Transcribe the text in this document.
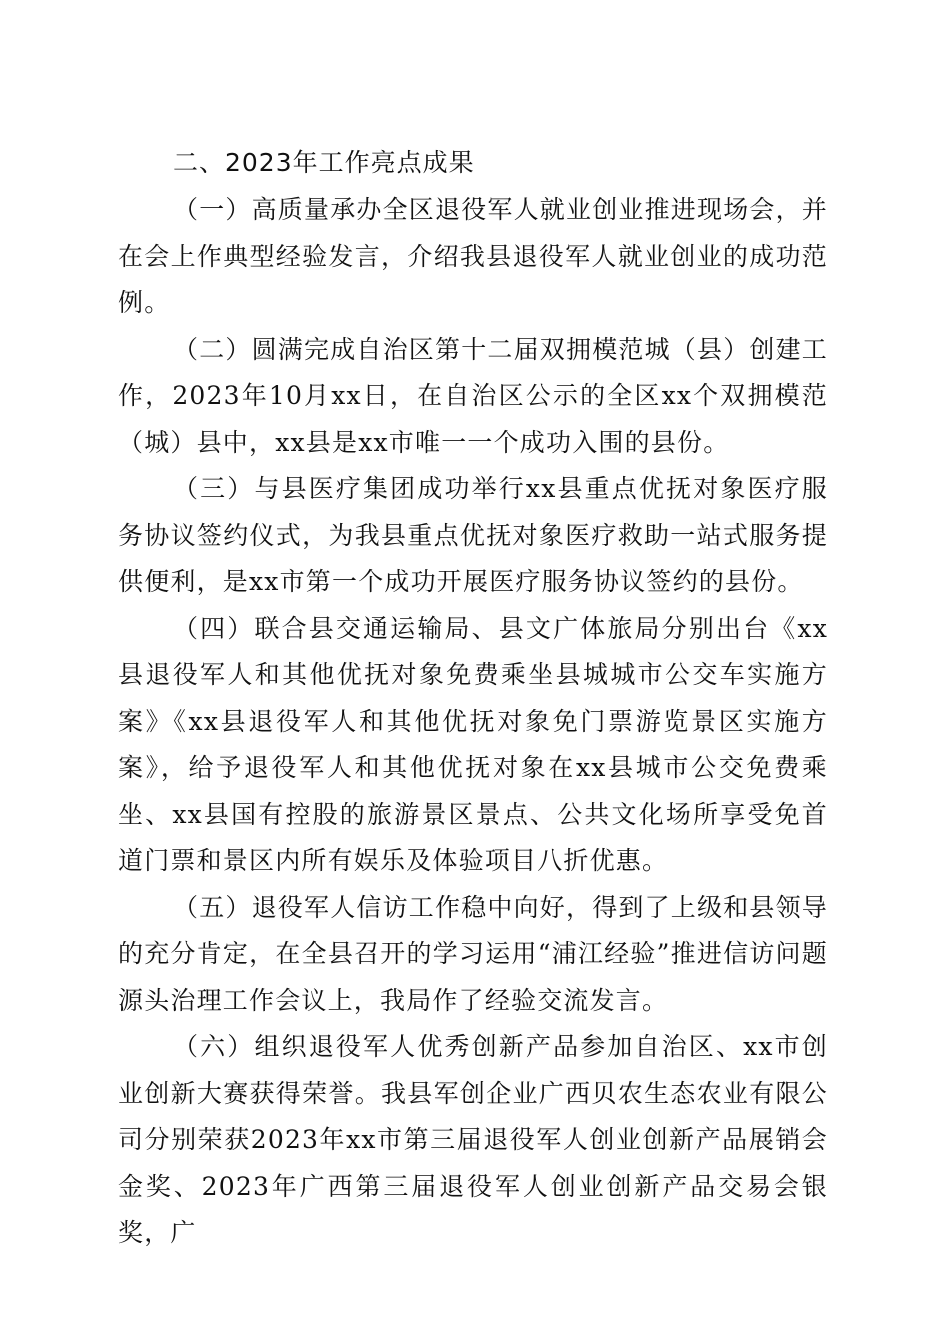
二、2023年工作亮点成果

（一）高质量承办全区退役军人就业创业推进现场会，并在会上作典型经验发言，介绍我县退役军人就业创业的成功范例。

（二）圆满完成自治区第十二届双拥模范城（县）创建工作，2023年10月xx日，在自治区公示的全区xx个双拥模范（城）县中，xx县是xx市唯一一个成功入围的县份。

（三）与县医疗集团成功举行xx县重点优抚对象医疗服务协议签约仪式，为我县重点优抚对象医疗救助一站式服务提供便利，是xx市第一个成功开展医疗服务协议签约的县份。

（四）联合县交通运输局、县文广体旅局分别出台《xx县退役军人和其他优抚对象免费乘坐县城城市公交车实施方案》《xx县退役军人和其他优抚对象免门票游览景区实施方案》，给予退役军人和其他优抚对象在xx县城市公交免费乘坐、xx县国有控股的旅游景区景点、公共文化场所享受免首道门票和景区内所有娱乐及体验项目八折优惠。

（五）退役军人信访工作稳中向好，得到了上级和县领导的充分肯定，在全县召开的学习运用“浦江经验”推进信访问题源头治理工作会议上，我局作了经验交流发言。

（六）组织退役军人优秀创新产品参加自治区、xx市创业创新大赛获得荣誉。我县军创企业广西贝农生态农业有限公司分别荣获2023年xx市第三届退役军人创业创新产品展销会金奖、2023年广西第三届退役军人创业创新产品交易会银奖，广
